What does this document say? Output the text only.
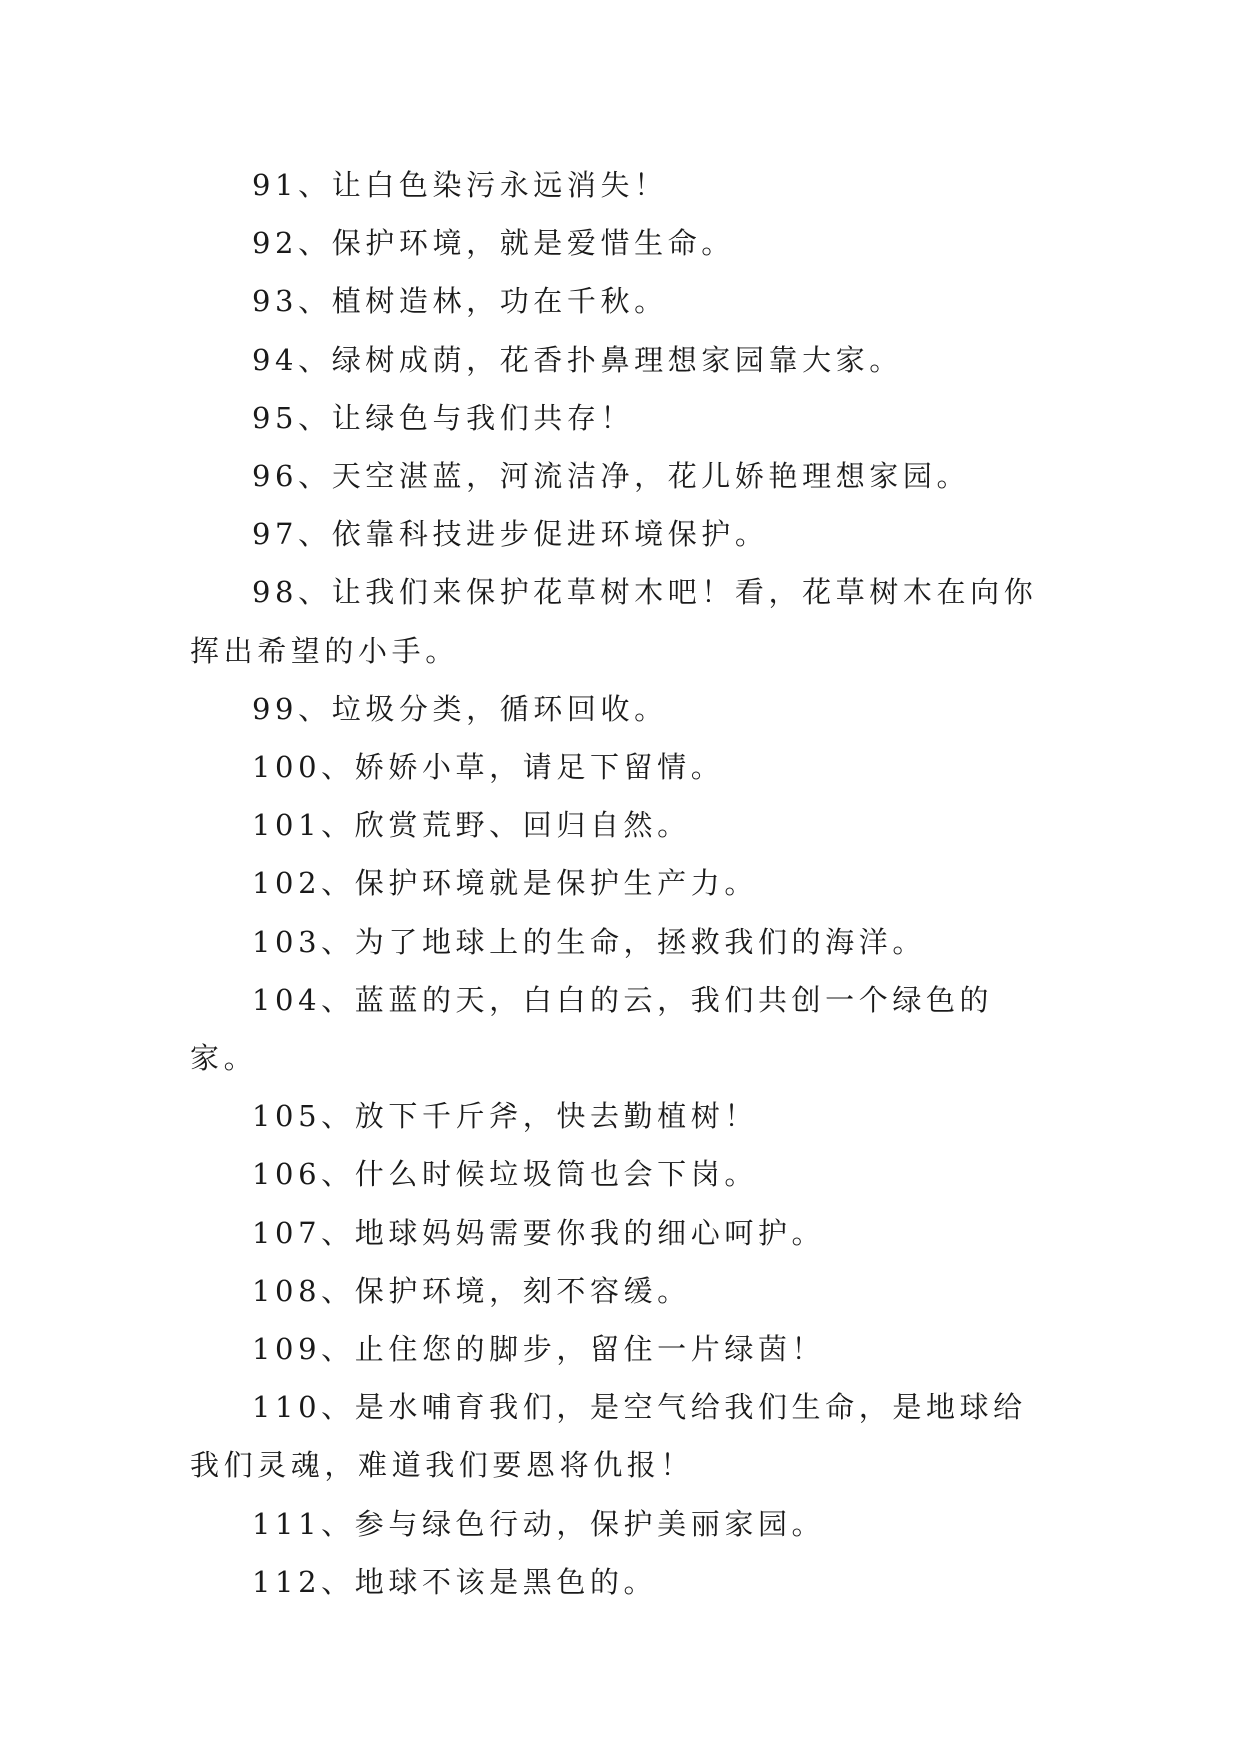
91、让白色染污永远消失！

92、保护环境，就是爱惜生命。

93、植树造林，功在千秋。

94、绿树成荫，花香扑鼻理想家园靠大家。

95、让绿色与我们共存！

96、天空湛蓝，河流洁净，花儿娇艳理想家园。

97、依靠科技进步促进环境保护。

98、让我们来保护花草树木吧！看，花草树木在向你挥出希望的小手。

99、垃圾分类，循环回收。

100、娇娇小草，请足下留情。

101、欣赏荒野、回归自然。

102、保护环境就是保护生产力。

103、为了地球上的生命，拯救我们的海洋。

104、蓝蓝的天，白白的云，我们共创一个绿色的家。

105、放下千斤斧，快去勤植树！

106、什么时候垃圾筒也会下岗。

107、地球妈妈需要你我的细心呵护。

108、保护环境，刻不容缓。

109、止住您的脚步，留住一片绿茵！

110、是水哺育我们，是空气给我们生命，是地球给我们灵魂，难道我们要恩将仇报！

111、参与绿色行动，保护美丽家园。

112、地球不该是黑色的。
